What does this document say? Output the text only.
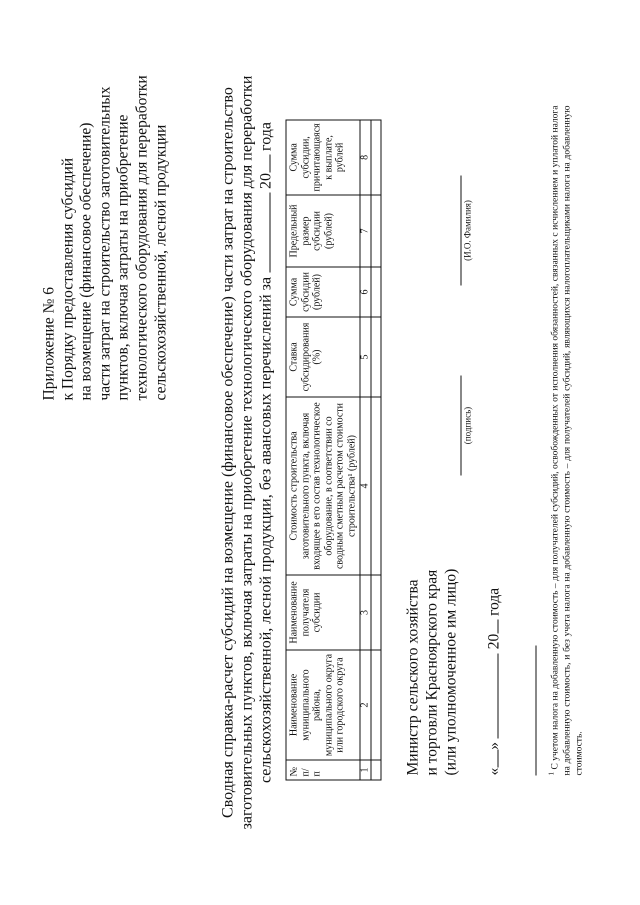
Приложение № 6 к Порядку предоставления субсидий на возмещение (финансовое обеспечение) части затрат на строительство заготовительных пунктов, включая затраты на приобретение технологического оборудования для переработки сельскохозяйственной, лесной продукции	Сводная справка-расчет субсидий на возмещение (финансовое обеспечение) части затрат на строительство заготовительных пунктов, включая затраты на приобретение технологического оборудования для переработки сельскохозяйственной, лесной продукции, без авансовых перечислений за  20 года
№ п/п	Наименование муниципального района, муниципального округа или городского округа	Наименование получателя субсидии	Стоимость строительства заготовительного пункта, включая входящее в его состав технологическое оборудование, в соответствии со сводным сметным расчетом стоимости строительства¹ (рублей)	Ставка субсидирования (%)	Сумма субсидии (рублей)	Предельный размер субсидии (рублей)	Сумма субсидии, причитающаяся к выплате, рублей
1	2	3	4	5	6	7	8

Министр сельского хозяйства и торговли Красноярского края (или уполномоченное им лицо)
(подпись)
(И.О. Фамилия)
«»  20 года
$^1$ С учетом налога на добавленную стоимость – для получателей субсидий, освобожденных от исполнения обязанностей, связанных с исчислением и уплатой налога на добавленную стоимость, и без учета налога на добавленную стоимость – для получателей субсидий, являющихся налогоплательщиками налога на добавленную стоимость.
